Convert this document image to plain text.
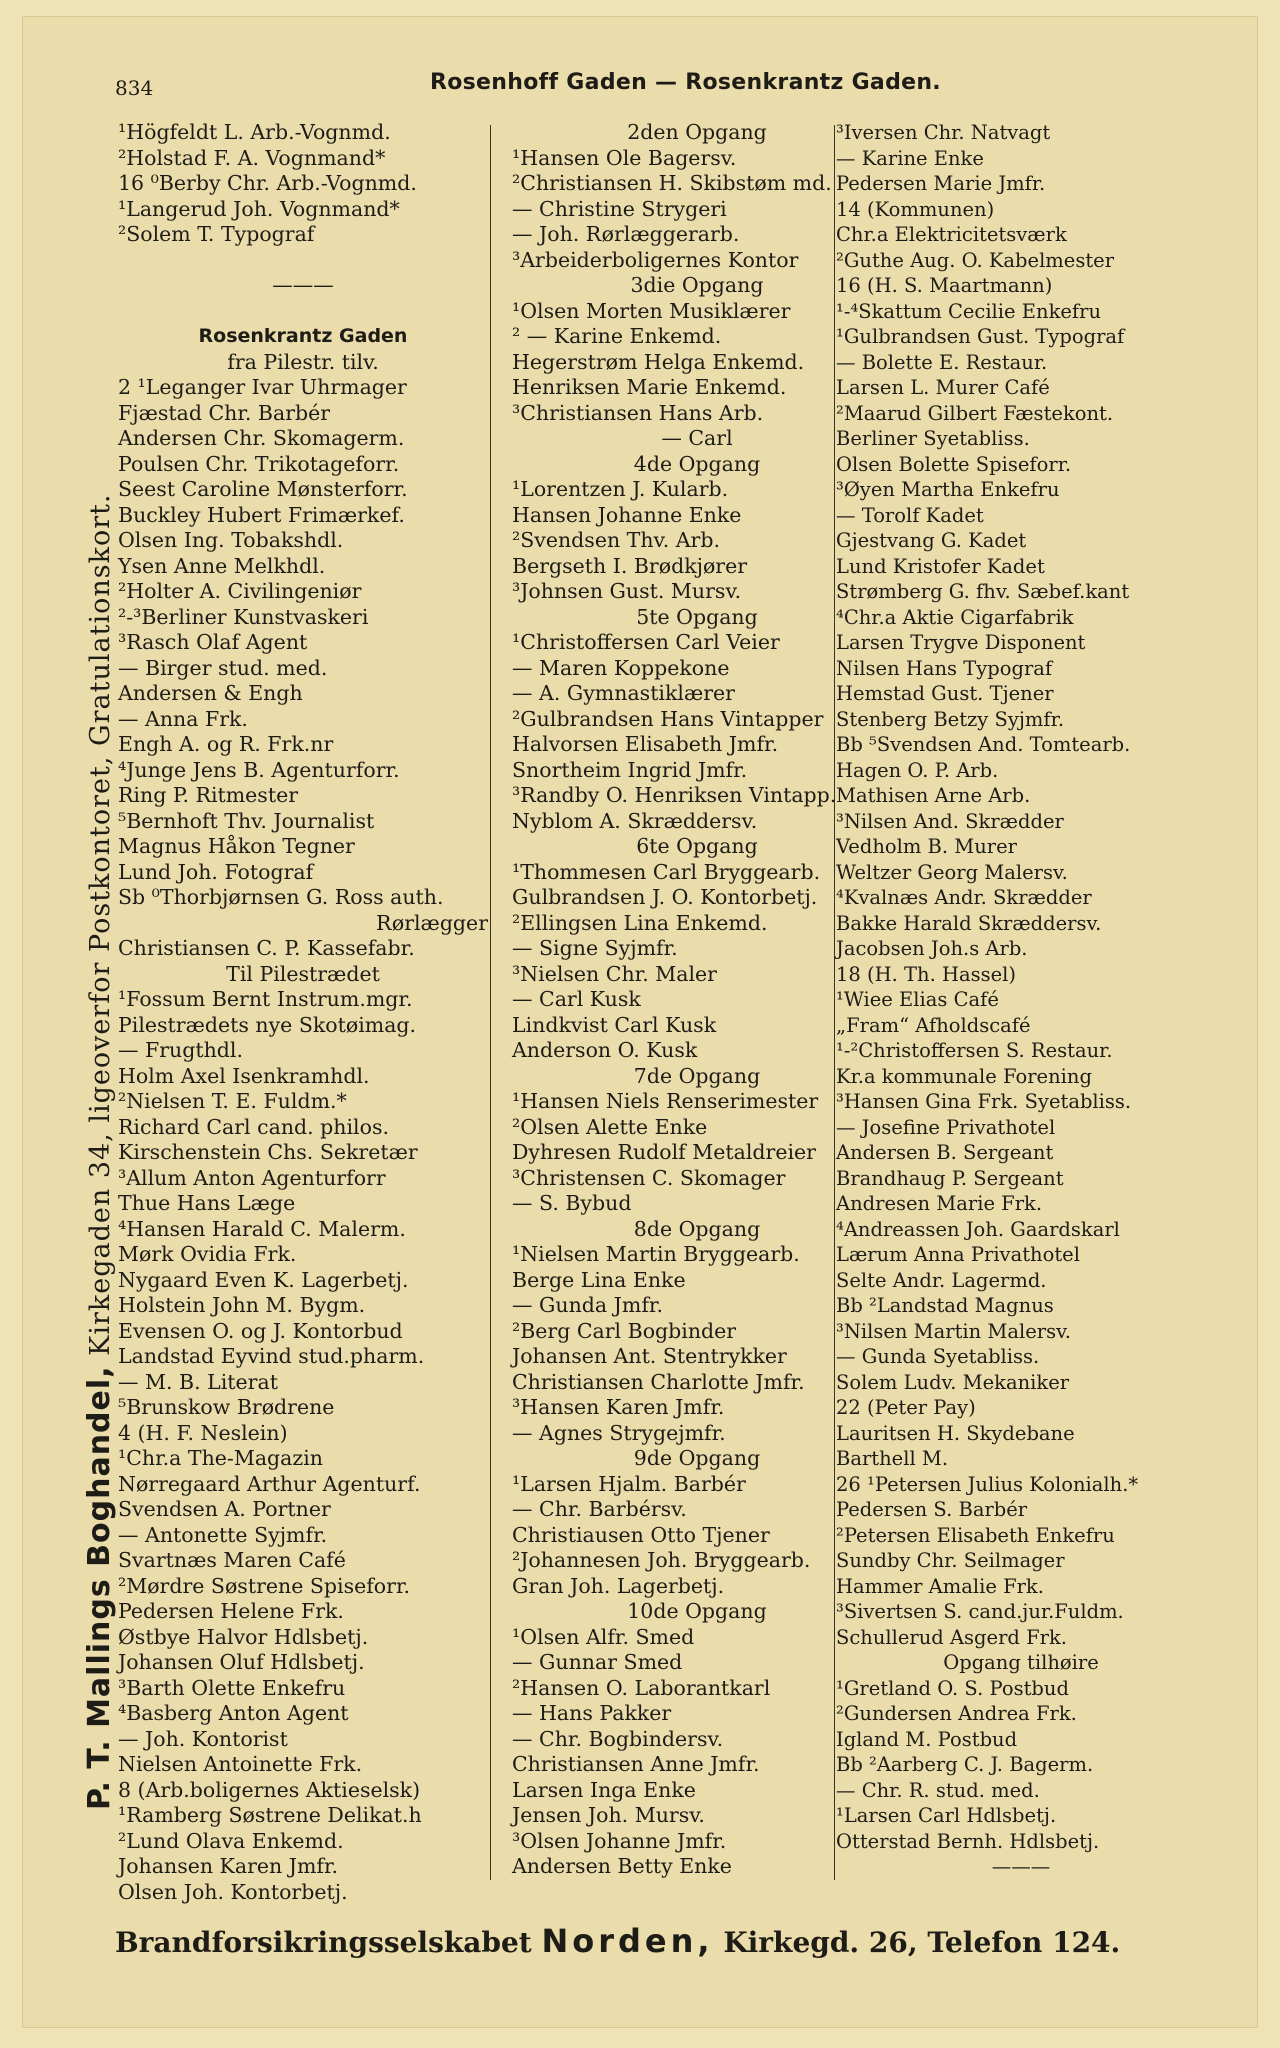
834	Rosenhoff Gaden — Rosenkrantz Gaden.
P. T. Mallings Boghandel, Kirkegaden 34, ligeoverfor Postkontoret, Gratulationskort.
¹Högfeldt L. Arb.-Vognmd.
²Holstad F. A. Vognmand*
16 ⁰Berby Chr. Arb.-Vognmd.
¹Langerud Joh. Vognmand*
²Solem T. Typograf
———
Rosenkrantz Gaden
fra Pilestr. tilv.
2 ¹Leganger Ivar Uhrmager
Fjæstad Chr. Barbér
Andersen Chr. Skomagerm.
Poulsen Chr. Trikotageforr.
Seest Caroline Mønsterforr.
Buckley Hubert Frimærkef.
Olsen Ing. Tobakshdl.
Ysen Anne Melkhdl.
²Holter A. Civilingeniør
²-³Berliner Kunstvaskeri
³Rasch Olaf Agent
— Birger stud. med.
Andersen & Engh
— Anna Frk.
Engh A. og R. Frk.nr
⁴Junge Jens B. Agenturforr.
Ring P. Ritmester
⁵Bernhoft Thv. Journalist
Magnus Håkon Tegner
Lund Joh. Fotograf
Sb ⁰Thorbjørnsen G. Ross auth.
Rørlægger
Christiansen C. P. Kassefabr.
Til Pilestrædet
¹Fossum Bernt Instrum.mgr.
Pilestrædets nye Skotøimag.
— Frugthdl.
Holm Axel Isenkramhdl.
²Nielsen T. E. Fuldm.*
Richard Carl cand. philos.
Kirschenstein Chs. Sekretær
³Allum Anton Agenturforr
Thue Hans Læge
⁴Hansen Harald C. Malerm.
Mørk Ovidia Frk.
Nygaard Even K. Lagerbetj.
Holstein John M. Bygm.
Evensen O. og J. Kontorbud
Landstad Eyvind stud.pharm.
— M. B. Literat
⁵Brunskow Brødrene
4 (H. F. Neslein)
¹Chr.a The-Magazin
Nørregaard Arthur Agenturf.
Svendsen A. Portner
— Antonette Syjmfr.
Svartnæs Maren Café
²Mørdre Søstrene Spiseforr.
Pedersen Helene Frk.
Østbye Halvor Hdlsbetj.
Johansen Oluf Hdlsbetj.
³Barth Olette Enkefru
⁴Basberg Anton Agent
— Joh. Kontorist
Nielsen Antoinette Frk.
8 (Arb.boligernes Aktieselsk)
¹Ramberg Søstrene Delikat.h
²Lund Olava Enkemd.
Johansen Karen Jmfr.
Olsen Joh. Kontorbetj.
2den Opgang
¹Hansen Ole Bagersv.
²Christiansen H. Skibstøm md.
— Christine Strygeri
— Joh. Rørlæggerarb.
³Arbeiderboligernes Kontor
3die Opgang
¹Olsen Morten Musiklærer
² — Karine Enkemd.
Hegerstrøm Helga Enkemd.
Henriksen Marie Enkemd.
³Christiansen Hans Arb.
— Carl
4de Opgang
¹Lorentzen J. Kularb.
Hansen Johanne Enke
²Svendsen Thv. Arb.
Bergseth I. Brødkjører
³Johnsen Gust. Mursv.
5te Opgang
¹Christoffersen Carl Veier
— Maren Koppekone
— A. Gymnastiklærer
²Gulbrandsen Hans Vintapper
Halvorsen Elisabeth Jmfr.
Snortheim Ingrid Jmfr.
³Randby O. Henriksen Vintapp.
Nyblom A. Skræddersv.
6te Opgang
¹Thommesen Carl Bryggearb.
Gulbrandsen J. O. Kontorbetj.
²Ellingsen Lina Enkemd.
— Signe Syjmfr.
³Nielsen Chr. Maler
— Carl Kusk
Lindkvist Carl Kusk
Anderson O. Kusk
7de Opgang
¹Hansen Niels Renserimester
²Olsen Alette Enke
Dyhresen Rudolf Metaldreier
³Christensen C. Skomager
— S. Bybud
8de Opgang
¹Nielsen Martin Bryggearb.
Berge Lina Enke
— Gunda Jmfr.
²Berg Carl Bogbinder
Johansen Ant. Stentrykker
Christiansen Charlotte Jmfr.
³Hansen Karen Jmfr.
— Agnes Strygejmfr.
9de Opgang
¹Larsen Hjalm. Barbér
— Chr. Barbérsv.
Christiausen Otto Tjener
²Johannesen Joh. Bryggearb.
Gran Joh. Lagerbetj.
10de Opgang
¹Olsen Alfr. Smed
— Gunnar Smed
²Hansen O. Laborantkarl
— Hans Pakker
— Chr. Bogbindersv.
Christiansen Anne Jmfr.
Larsen Inga Enke
Jensen Joh. Mursv.
³Olsen Johanne Jmfr.
Andersen Betty Enke
³Iversen Chr. Natvagt
— Karine Enke
Pedersen Marie Jmfr.
14 (Kommunen)
Chr.a Elektricitetsværk
²Guthe Aug. O. Kabelmester
16 (H. S. Maartmann)
¹-⁴Skattum Cecilie Enkefru
¹Gulbrandsen Gust. Typograf
— Bolette E. Restaur.
Larsen L. Murer Café
²Maarud Gilbert Fæstekont.
Berliner Syetabliss.
Olsen Bolette Spiseforr.
³Øyen Martha Enkefru
— Torolf Kadet
Gjestvang G. Kadet
Lund Kristofer Kadet
Strømberg G. fhv. Sæbef.kant
⁴Chr.a Aktie Cigarfabrik
Larsen Trygve Disponent
Nilsen Hans Typograf
Hemstad Gust. Tjener
Stenberg Betzy Syjmfr.
Bb ⁵Svendsen And. Tomtearb.
Hagen O. P. Arb.
Mathisen Arne Arb.
³Nilsen And. Skrædder
Vedholm B. Murer
Weltzer Georg Malersv.
⁴Kvalnæs Andr. Skrædder
Bakke Harald Skræddersv.
Jacobsen Joh.s Arb.
18 (H. Th. Hassel)
¹Wiee Elias Café
„Fram“ Afholdscafé
¹-²Christoffersen S. Restaur.
Kr.a kommunale Forening
³Hansen Gina Frk. Syetabliss.
— Josefine Privathotel
Andersen B. Sergeant
Brandhaug P. Sergeant
Andresen Marie Frk.
⁴Andreassen Joh. Gaardskarl
Lærum Anna Privathotel
Selte Andr. Lagermd.
Bb ²Landstad Magnus
³Nilsen Martin Malersv.
— Gunda Syetabliss.
Solem Ludv. Mekaniker
22 (Peter Pay)
Lauritsen H. Skydebane
Barthell M.
26 ¹Petersen Julius Kolonialh.*
Pedersen S. Barbér
²Petersen Elisabeth Enkefru
Sundby Chr. Seilmager
Hammer Amalie Frk.
³Sivertsen S. cand.jur.Fuldm.
Schullerud Asgerd Frk.
Opgang tilhøire
¹Gretland O. S. Postbud
²Gundersen Andrea Frk.
Igland M. Postbud
Bb ²Aarberg C. J. Bagerm.
— Chr. R. stud. med.
¹Larsen Carl Hdlsbetj.
Otterstad Bernh. Hdlsbetj.
———
Brandforsikringsselskabet Norden, Kirkegd. 26, Telefon 124.
